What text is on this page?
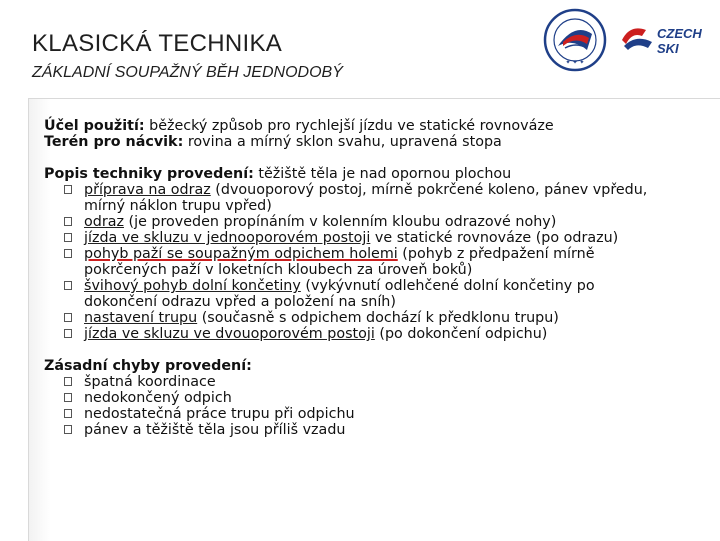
KLASICKÁ TECHNIKA
ZÁKLADNÍ SOUPAŽNÝ BĚH JEDNODOBÝ
✦ ✦ ✦
CZECH SKI
Účel použití: běžecký způsob pro rychlejší jízdu ve statické rovnováze
Terén pro nácvik: rovina a mírný sklon svahu, upravená stopa
Popis techniky provedení: těžiště těla je nad opornou plochou
příprava na odraz (dvouoporový postoj, mírně pokrčené koleno, pánev vpředu,
mírný náklon trupu vpřed)
odraz (je proveden propínáním v kolenním kloubu odrazové nohy)
jízda ve skluzu v jednooporovém postoji ve statické rovnováze (po odrazu)
pohyb paží se soupažným odpichem holemi (pohyb z předpažení mírně
pokrčených paží v loketních kloubech za úroveň boků)
švihový pohyb dolní končetiny (vykývnutí odlehčené dolní končetiny po
dokončení odrazu vpřed a položení na sníh)
nastavení trupu (současně s odpichem dochází k předklonu trupu)
jízda ve skluzu ve dvouoporovém postoji (po dokončení odpichu)
Zásadní chyby provedení:
špatná koordinace
nedokončený odpich
nedostatečná práce trupu při odpichu
pánev a těžiště těla jsou příliš vzadu
